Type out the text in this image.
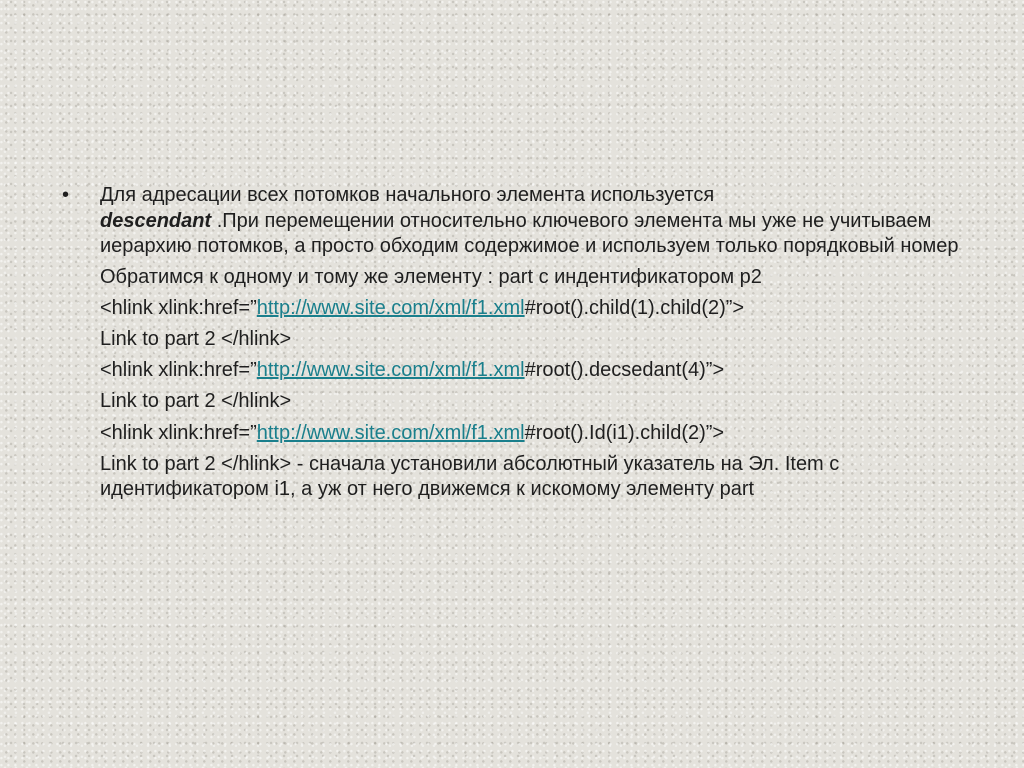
•	Для адресации всех потомков начального элемента используется
descendant .При перемещении относительно ключевого элемента мы уже не учитываем иерархию потомков, а просто обходим содержимое и используем только порядковый номер

Обратимся к одному и тому же элементу : part с индентификатором p2
<hlink xlink:href=”http://www.site.com/xml/f1.xml#root().child(1).child(2)”>
Link to part 2 </hlink>
<hlink xlink:href=”http://www.site.com/xml/f1.xml#root().decsedant(4)”>
Link to part 2 </hlink>
<hlink xlink:href=”http://www.site.com/xml/f1.xml#root().Id(i1).child(2)”>
Link to part 2 </hlink> - сначала установили абсолютный указатель на Эл. Item с идентификатором i1, а уж от него движемся к искомому элементу part
